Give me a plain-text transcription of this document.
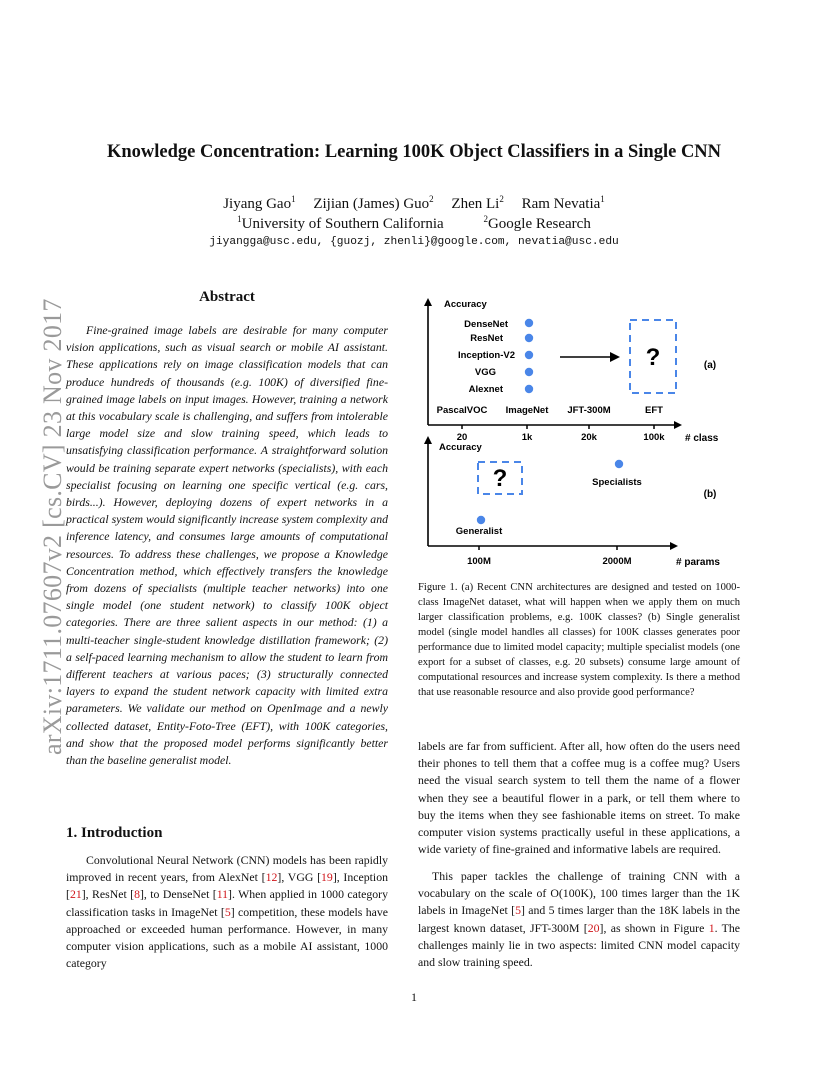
Knowledge Concentration: Learning 100K Object Classifiers in a Single CNN
Jiyang Gao$^1$ Zijian (James) Guo$^2$ Zhen Li$^2$ Ram Nevatia$^1$
$^1$University of Southern California	$^2$Google Research
jiyangga@usc.edu, {guozj, zhenli}@google.com, nevatia@usc.edu
arXiv:1711.07607v2 [cs.CV] 23 Nov 2017
Abstract

Fine-grained image labels are desirable for many computer vision applications, such as visual search or mobile AI assistant. These applications rely on image classification models that can produce hundreds of thousands (e.g. 100K) of diversified fine-grained image labels on input images. However, training a network at this vocabulary scale is challenging, and suffers from intolerable large model size and slow training speed, which leads to unsatisfying classification performance. A straightforward solution would be training separate expert networks (specialists), with each specialist focusing on learning one specific vertical (e.g. cars, birds...). However, deploying dozens of expert networks in a practical system would significantly increase system complexity and inference latency, and consumes large amounts of computational resources. To address these challenges, we propose a Knowledge Concentration method, which effectively transfers the knowledge from dozens of specialists (multiple teacher networks) into one single model (one student network) to classify 100K object categories. There are three salient aspects in our method: (1) a multi-teacher single-student knowledge distillation framework; (2) a self-paced learning mechanism to allow the student to learn from different teachers at various paces; (3) structurally connected layers to expand the student network capacity with limited extra parameters. We validate our method on OpenImage and a newly collected dataset, Entity-Foto-Tree (EFT), with 100K categories, and show that the proposed model performs significantly better than the baseline generalist model.

1. Introduction

Convolutional Neural Network (CNN) models has been rapidly improved in recent years, from AlexNet [12], VGG [19], Inception [21], ResNet [8], to DenseNet [11]. When applied in 1000 category classification tasks in ImageNet [5] competition, these models have approached or exceeded human performance. However, in many computer vision applications, such as a mobile AI assistant, 1000 category

Accuracy
DenseNet
ResNet
Inception-V2
VGG
Alexnet
?	(a)
PascalVOC ImageNet JFT-300M	EFT
20	1k	20k	100k # class
Accuracy
?	Specialists
Generalist
(b)
100M	2000M	# params

Figure 1. (a) Recent CNN architectures are designed and tested on 1000-class ImageNet dataset, what will happen when we apply them on much larger classification problems, e.g. 100K classes? (b) Single generalist model (single model handles all classes) for 100K classes generates poor performance due to limited model capacity; multiple specialist models (one export for a subset of classes, e.g. 20 subsets) consume large amount of computational resources and increase system complexity. Is there a method that use reasonable resource and also provide good performance?

labels are far from sufficient. After all, how often do the users need their phones to tell them that a coffee mug is a coffee mug? Users need the visual search system to tell them the name of a flower when they see a beautiful flower in a park, or tell them where to buy the items when they see fashionable items on street. To make computer vision systems practically useful in these applications, a wide variety of fine-grained and informative labels are required.

This paper tackles the challenge of training CNN with a vocabulary on the scale of O(100K), 100 times larger than the 1K labels in ImageNet [5] and 5 times larger than the 18K labels in the largest known dataset, JFT-300M [20], as shown in Figure 1. The challenges mainly lie in two aspects: limited CNN model capacity and slow training speed.

1
